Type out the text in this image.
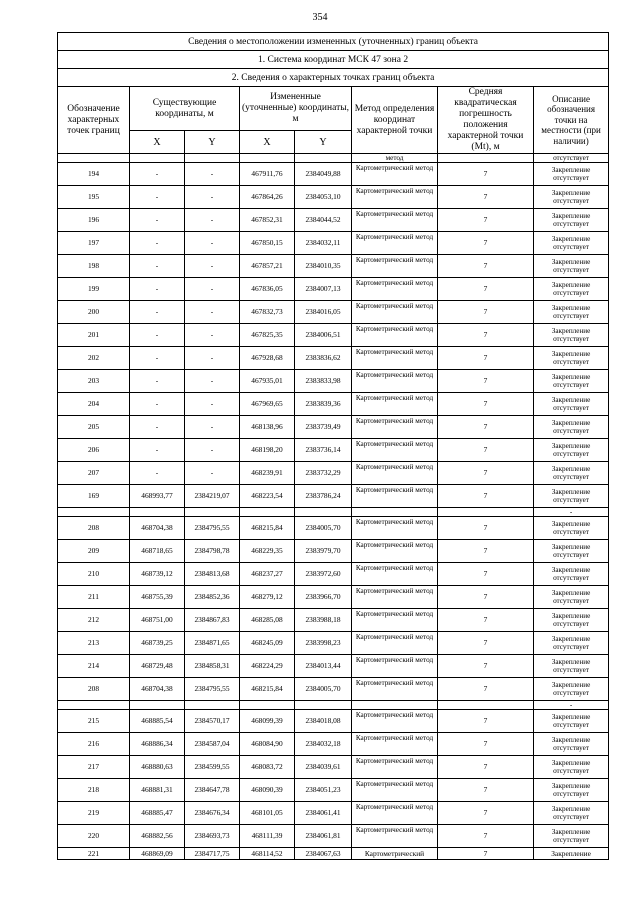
354
Сведения о местоположении измененных (уточненных) границ объекта							
1. Система координат МСК 47 зона 2							
2. Сведения о характерных точках границ объекта							
Обозначение характерных точек границ	Существующие координаты, м		Измененные (уточненные) координаты, м		Метод определения координат характерной точки	Средняя квадратическая погрешность положения характерной точки (Mt), м	Описание обозначения точки на местности (при наличии)
	X	Y	X	Y			
					метод		отсутствует
194	-	-	467911,76	2384049,88	Картометрический метод	7	Закрепление отсутствует
195	-	-	467864,26	2384053,10	Картометрический метод	7	Закрепление отсутствует
196	-	-	467852,31	2384044,52	Картометрический метод	7	Закрепление отсутствует
197	-	-	467850,15	2384032,11	Картометрический метод	7	Закрепление отсутствует
198	-	-	467857,21	2384010,35	Картометрический метод	7	Закрепление отсутствует
199	-	-	467836,05	2384007,13	Картометрический метод	7	Закрепление отсутствует
200	-	-	467832,73	2384016,05	Картометрический метод	7	Закрепление отсутствует
201	-	-	467825,35	2384006,51	Картометрический метод	7	Закрепление отсутствует
202	-	-	467928,68	2383836,62	Картометрический метод	7	Закрепление отсутствует
203	-	-	467935,01	2383833,98	Картометрический метод	7	Закрепление отсутствует
204	-	-	467969,65	2383839,36	Картометрический метод	7	Закрепление отсутствует
205	-	-	468138,96	2383739,49	Картометрический метод	7	Закрепление отсутствует
206	-	-	468198,20	2383736,14	Картометрический метод	7	Закрепление отсутствует
207	-	-	468239,91	2383732,29	Картометрический метод	7	Закрепление отсутствует
169	468993,77	2384219,07	468223,54	2383786,24	Картометрический метод	7	Закрепление отсутствует
							-
208	468704,38	2384795,55	468215,84	2384005,70	Картометрический метод	7	Закрепление отсутствует
209	468718,65	2384798,78	468229,35	2383979,70	Картометрический метод	7	Закрепление отсутствует
210	468739,12	2384813,68	468237,27	2383972,60	Картометрический метод	7	Закрепление отсутствует
211	468755,39	2384852,36	468279,12	2383966,70	Картометрический метод	7	Закрепление отсутствует
212	468751,00	2384867,83	468285,08	2383988,18	Картометрический метод	7	Закрепление отсутствует
213	468739,25	2384871,65	468245,09	2383998,23	Картометрический метод	7	Закрепление отсутствует
214	468729,48	2384858,31	468224,29	2384013,44	Картометрический метод	7	Закрепление отсутствует
208	468704,38	2384795,55	468215,84	2384005,70	Картометрический метод	7	Закрепление отсутствует
							-
215	468885,54	2384570,17	468099,39	2384018,08	Картометрический метод	7	Закрепление отсутствует
216	468886,34	2384587,04	468084,90	2384032,18	Картометрический метод	7	Закрепление отсутствует
217	468880,63	2384599,55	468083,72	2384039,61	Картометрический метод	7	Закрепление отсутствует
218	468881,31	2384647,78	468090,39	2384051,23	Картометрический метод	7	Закрепление отсутствует
219	468885,47	2384676,34	468101,05	2384061,41	Картометрический метод	7	Закрепление отсутствует
220	468882,56	2384693,73	468111,39	2384061,81	Картометрический метод	7	Закрепление отсутствует
221	468869,09	2384717,75	468114,52	2384067,63	Картометрический	7	Закрепление
